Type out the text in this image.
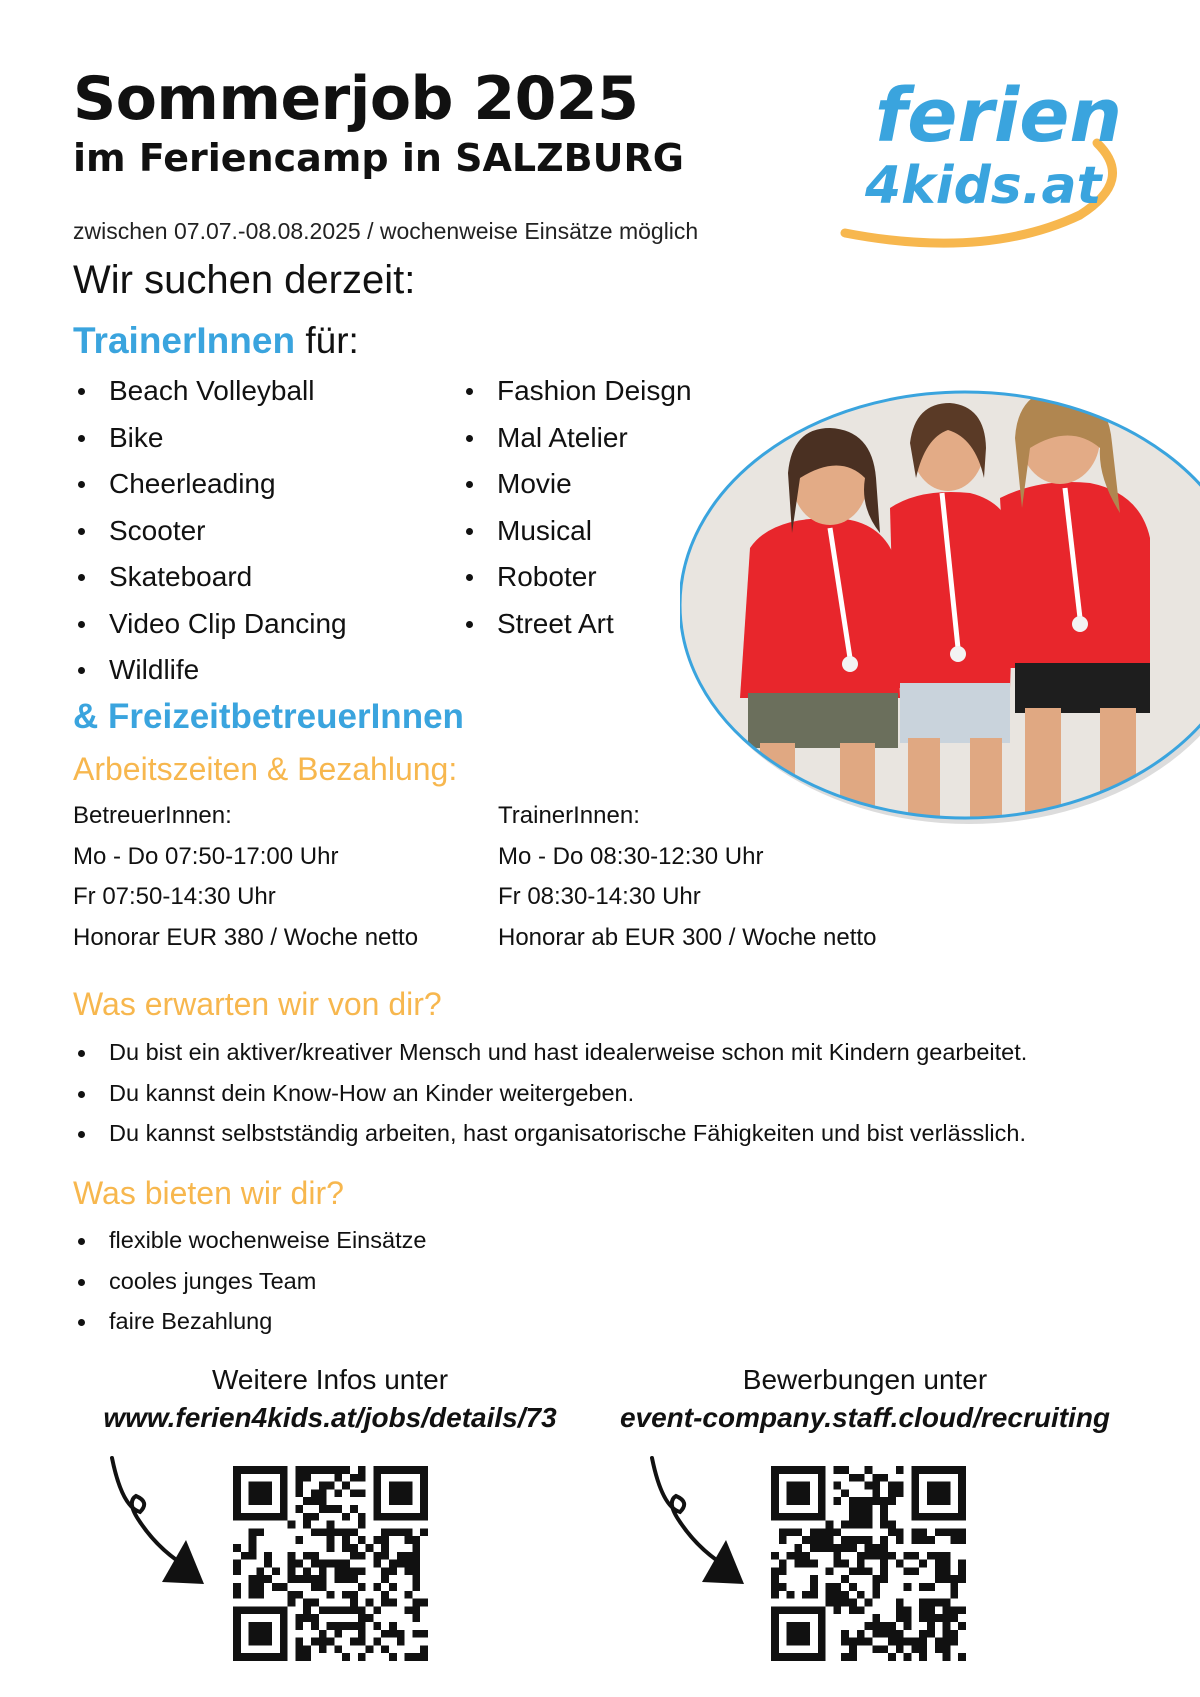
Sommerjob 2025
im Feriencamp in SALZBURG
zwischen 07.07.-08.08.2025 / wochenweise Einsätze möglich
ferien
4kids.at
Wir suchen derzeit:
TrainerInnen für:
Beach Volleyball
Bike
Cheerleading
Scooter
Skateboard
Video Clip Dancing
Wildlife
Fashion Deisgn
Mal Atelier
Movie
Musical
Roboter
Street Art
& FreizeitbetreuerInnen
Arbeitszeiten & Bezahlung:
BetreuerInnen:
Mo - Do 07:50-17:00 Uhr
Fr 07:50-14:30 Uhr
Honorar EUR 380 / Woche netto
TrainerInnen:
Mo - Do 08:30-12:30 Uhr
Fr 08:30-14:30 Uhr
Honorar ab EUR 300 / Woche netto
Was erwarten wir von dir?
Du bist ein aktiver/kreativer Mensch und hast idealerweise schon mit Kindern gearbeitet.
Du kannst dein Know-How an Kinder weitergeben.
Du kannst selbstständig arbeiten, hast organisatorische Fähigkeiten und bist verlässlich.
Was bieten wir dir?
flexible wochenweise Einsätze
cooles junges Team
faire Bezahlung
Weitere Infos unter
www.ferien4kids.at/jobs/details/73
Bewerbungen unter
event-company.staff.cloud/recruiting
